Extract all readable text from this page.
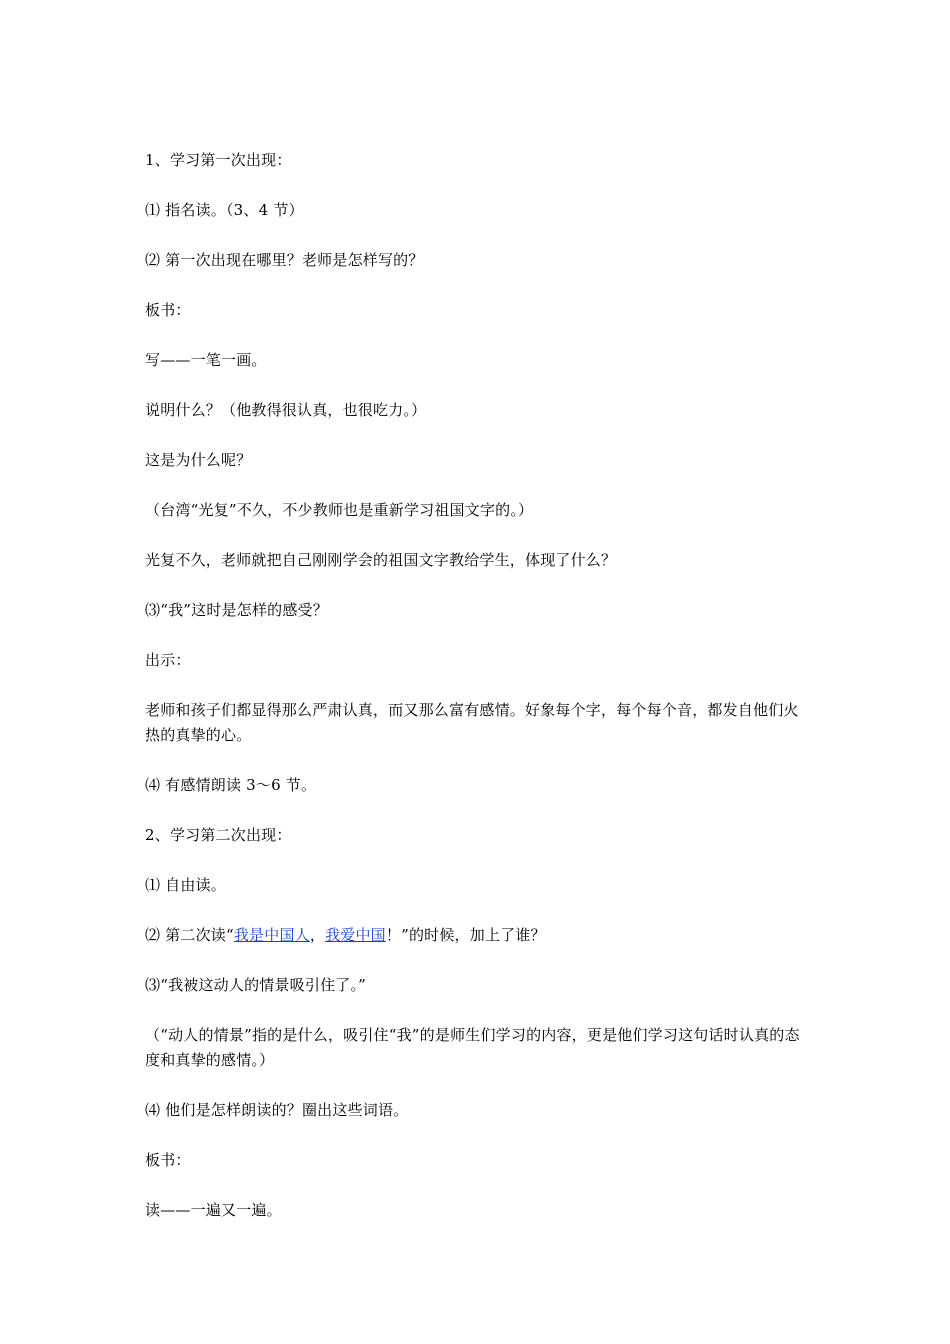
1、学习第一次出现：

⑴ 指名读。（3、4 节）

⑵ 第一次出现在哪里？老师是怎样写的？

板书：

写——一笔一画。

说明什么？（他教得很认真，也很吃力。）

这是为什么呢？

（台湾“光复”不久，不少教师也是重新学习祖国文字的。）

光复不久，老师就把自己刚刚学会的祖国文字教给学生，体现了什么？

⑶“我”这时是怎样的感受？

出示：

老师和孩子们都显得那么严肃认真，而又那么富有感情。好象每个字，每个每个音，都发自他们火热的真挚的心。

⑷ 有感情朗读 3～6 节。

2、学习第二次出现：

⑴ 自由读。

⑵ 第二次读“我是中国人，我爱中国！”的时候，加上了谁？

⑶“我被这动人的情景吸引住了。”

（“动人的情景”指的是什么，吸引住“我”的是师生们学习的内容，更是他们学习这句话时认真的态度和真挚的感情。）

⑷ 他们是怎样朗读的？圈出这些词语。

板书：

读——一遍又一遍。
